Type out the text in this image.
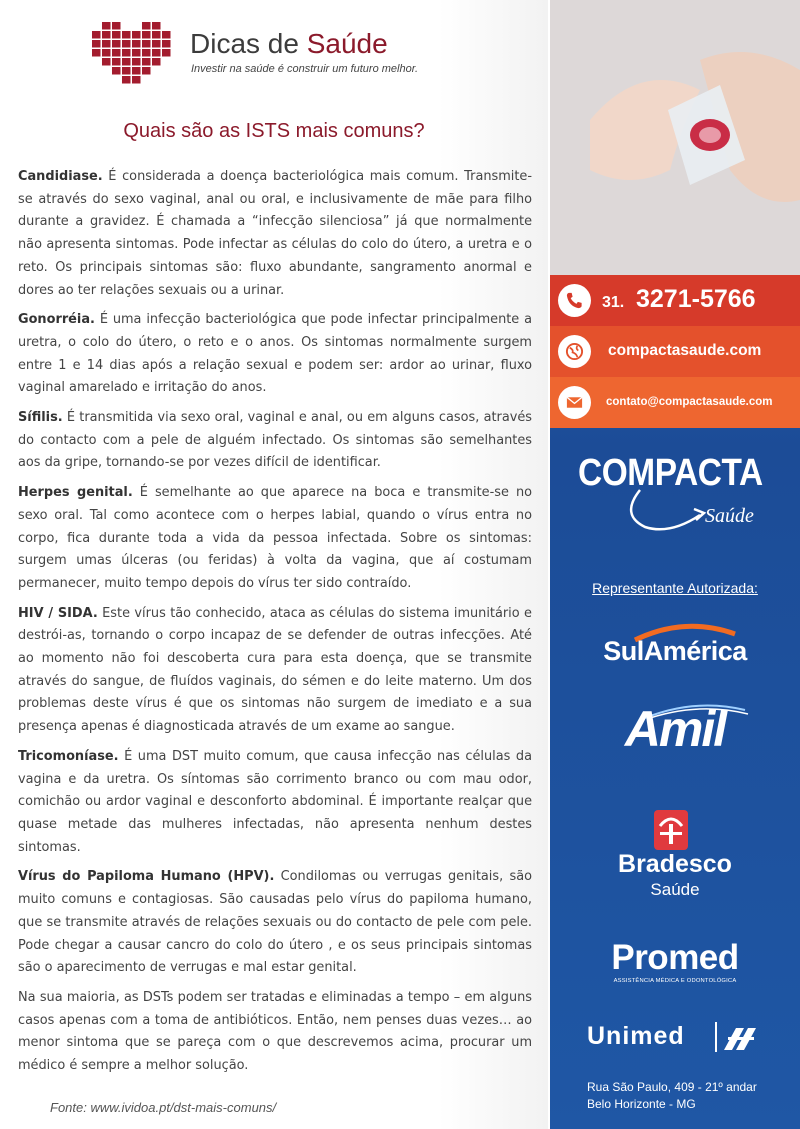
Dicas de Saúde
Investir na saúde é construir um futuro melhor.
Quais são as ISTS mais comuns?

Candidiase. É considerada a doença bacteriológica mais comum. Transmite-se através do sexo vaginal, anal ou oral, e inclusivamente de mãe para filho durante a gravidez. É chamada a “infecção silenciosa” já que normalmente não apresenta sintomas. Pode infectar as células do colo do útero, a uretra e o reto. Os principais sintomas são: fluxo abundante, sangramento anormal e dores ao ter relações sexuais ou a urinar.

Gonorréia. É uma infecção bacteriológica que pode infectar principalmente a uretra, o colo do útero, o reto e o anos. Os sintomas normalmente surgem entre 1 e 14 dias após a relação sexual e podem ser: ardor ao urinar, fluxo vaginal amarelado e irritação do anos.

Sífilis. É transmitida via sexo oral, vaginal e anal, ou em alguns casos, através do contacto com a pele de alguém infectado. Os sintomas são semelhantes aos da gripe, tornando-se por vezes difícil de identificar.

Herpes genital. É semelhante ao que aparece na boca e transmite-se no sexo oral. Tal como acontece com o herpes labial, quando o vírus entra no corpo, fica durante toda a vida da pessoa infectada. Sobre os sintomas: surgem umas úlceras (ou feridas) à volta da vagina, que aí costumam permanecer, muito tempo depois do vírus ter sido contraído.

HIV / SIDA. Este vírus tão conhecido, ataca as células do sistema imunitário e destrói-as, tornando o corpo incapaz de se defender de outras infecções. Até ao momento não foi descoberta cura para esta doença, que se transmite através do sangue, de fluídos vaginais, do sémen e do leite materno. Um dos problemas deste vírus é que os sintomas não surgem de imediato e a sua presença apenas é diagnosticada através de um exame ao sangue.

Tricomoníase. É uma DST muito comum, que causa infecção nas células da vagina e da uretra. Os síntomas são corrimento branco ou com mau odor, comichão ou ardor vaginal e desconforto abdominal. É importante realçar que quase metade das mulheres infectadas, não apresenta nenhum destes sintomas.

Vírus do Papiloma Humano (HPV). Condilomas ou verrugas genitais, são muito comuns e contagiosas. São causadas pelo vírus do papiloma humano, que se transmite através de relações sexuais ou do contacto de pele com pele. Pode chegar a causar cancro do colo do útero , e os seus principais sintomas são o aparecimento de verrugas e mal estar genital.

Na sua maioria, as DSTs podem ser tratadas e eliminadas a tempo – em alguns casos apenas com a toma de antibióticos. Então, nem penses duas vezes… ao menor sintoma que se pareça com o que descrevemos acima, procurar um médico é sempre a melhor solução.

Fonte: www.ividoa.pt/dst-mais-comuns/
31. 3271-5766
compactasaude.com
contato@compactasaude.com
COMPACTA
Saúde
Representante Autorizada:
SulAmérica
Amil
Bradesco
Saúde
Promed
ASSISTÊNCIA MÉDICA E ODONTOLÓGICA
Unimed
Rua São Paulo, 409 - 21º andar
Belo Horizonte - MG
